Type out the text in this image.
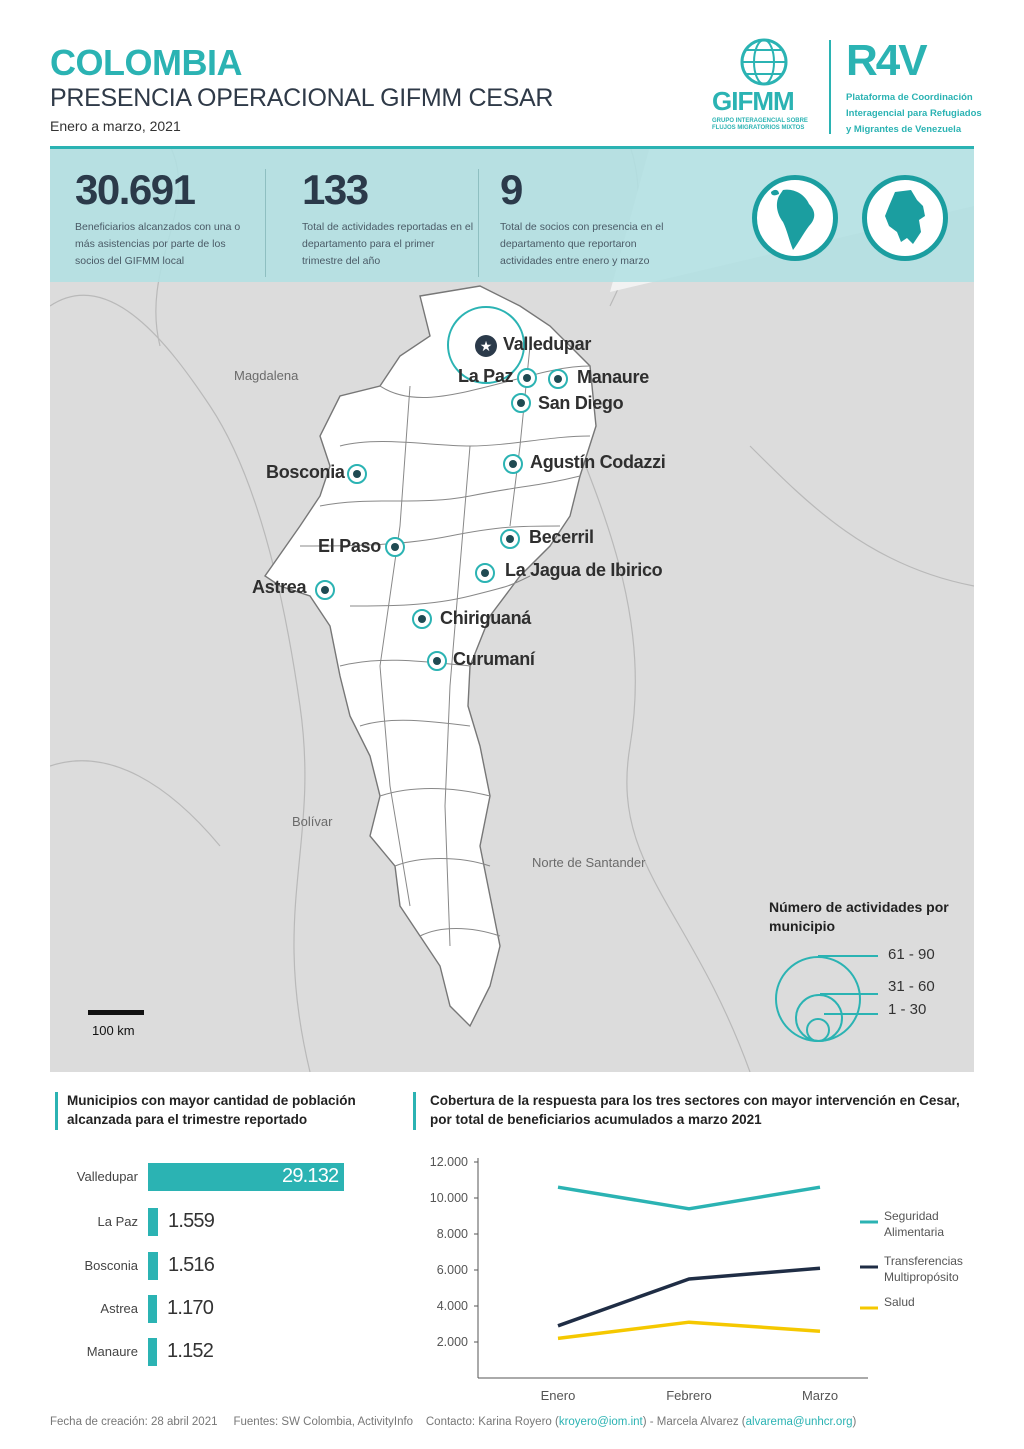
COLOMBIA
PRESENCIA OPERACIONAL GIFMM CESAR
Enero a marzo, 2021
GIFMM
GRUPO INTERAGENCIAL SOBRE FLUJOS MIGRATORIOS MIXTOS
R4V
Plataforma de Coordinación Interagencial para Refugiados y Migrantes de Venezuela
Magdalena
Bolívar
Norte de Santander
★ Valledupar
La Paz	Manaure
San Diego
Agustín Codazzi
Bosconia
El Paso
Astrea
Becerril
La Jagua de Ibirico
Chiriguaná
Curumaní
Número de actividades por municipio
61 - 90
31 - 60
1 - 30
100 km
30.691
Beneficiarios alcanzados con una o más asistencias por parte de los socios del GIFMM local
133
Total de actividades reportadas en el departamento para el primer trimestre del año
9
Total de socios con presencia en el departamento que reportaron actividades entre enero y marzo
Municipios con mayor cantidad de población alcanzada para el trimestre reportado
Cobertura de la respuesta para los tres sectores con mayor intervención en Cesar, por total de beneficiarios acumulados a marzo 2021
Valledupar	29.132
La Paz 1.559
Bosconia 1.516
Astrea 1.170
Manaure 1.152	2.000
4.000
6.000
8.000
10.000
12.000
Enero	Febrero	Marzo
Seguridad
Alimentaria
Transferencias
Multipropósito
Salud
Fecha de creación: 28 abril 2021 Fuentes: SW Colombia, ActivityInfo Contacto: Karina Royero (kroyero@iom.int) - Marcela Alvarez (alvarema@unhcr.org)
